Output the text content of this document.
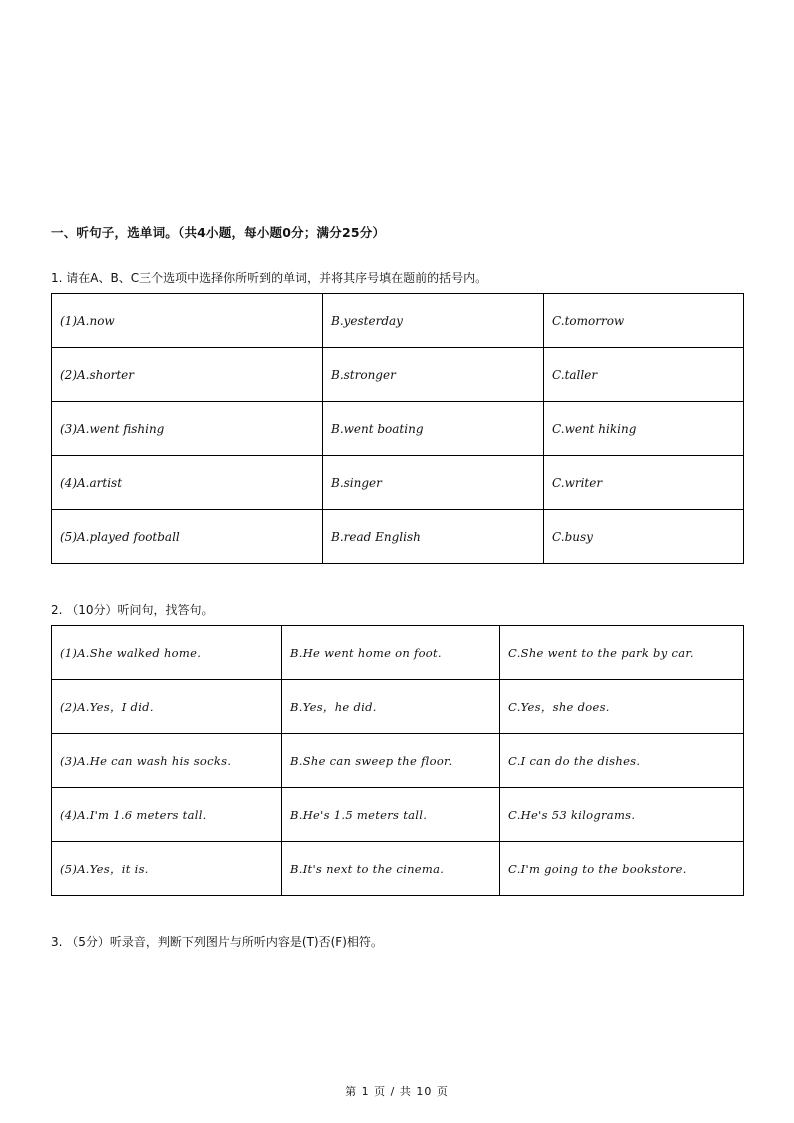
一、听句子，选单词。（共4小题，每小题0分；满分25分）
1. 请在A、B、C三个选项中选择你所听到的单词，并将其序号填在题前的括号内。
(1)A.now	B.yesterday	C.tomorrow
(2)A.shorter	B.stronger	C.taller
(3)A.went fishing	B.went boating	C.went hiking
(4)A.artist	B.singer	C.writer
(5)A.played football	B.read English	C.busy
2. （10分）听问句，找答句。
(1)A.She walked home.	B.He went home on foot.	C.She went to the park by car.
(2)A.Yes，I did.	B.Yes，he did.	C.Yes，she does.
(3)A.He can wash his socks.	B.She can sweep the floor.	C.I can do the dishes.
(4)A.I'm 1.6 meters tall.	B.He's 1.5 meters tall.	C.He's 53 kilograms.
(5)A.Yes，it is.	B.It's next to the cinema.	C.I'm going to the bookstore.
3. （5分）听录音，判断下列图片与所听内容是(T)否(F)相符。
第 1 页 / 共 10 页
